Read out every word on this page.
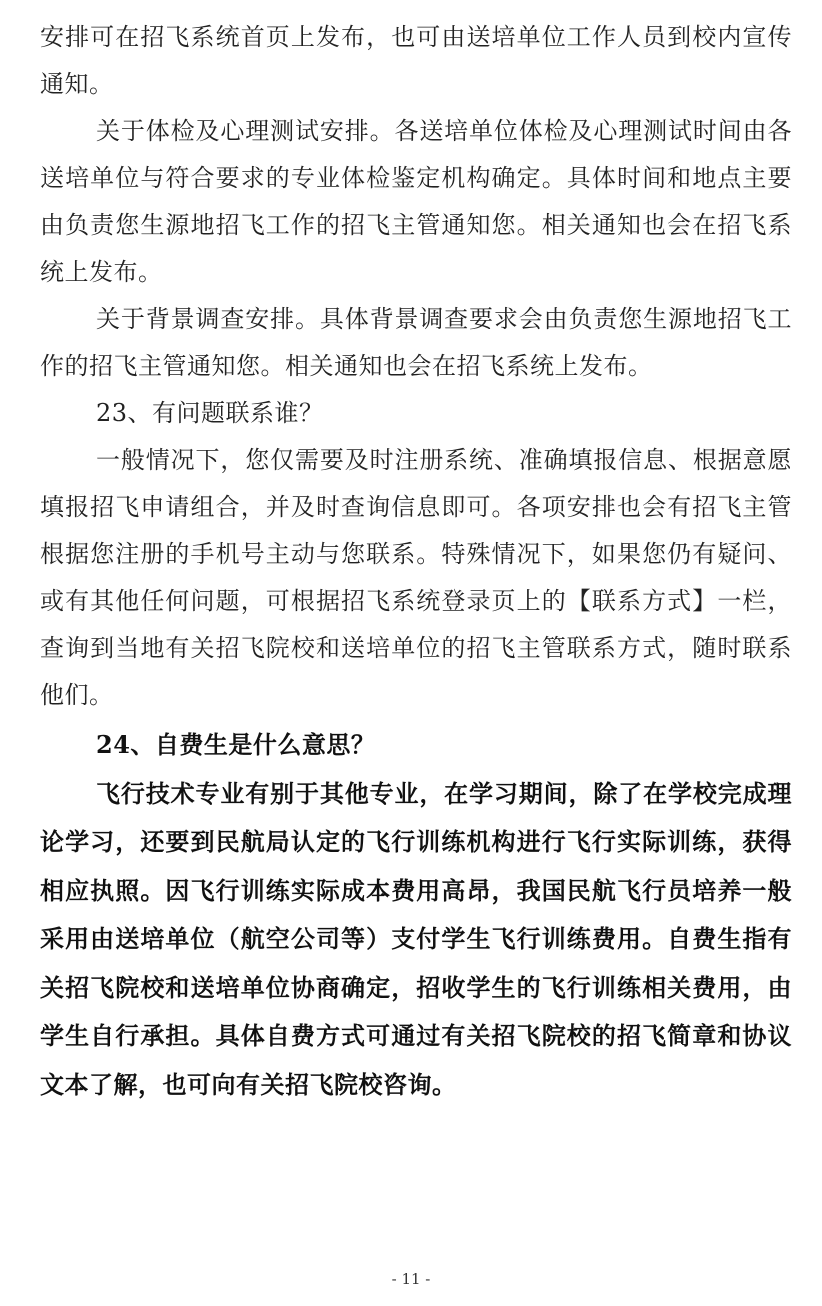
安排可在招飞系统首页上发布，也可由送培单位工作人员到校内宣传通知。

关于体检及心理测试安排。各送培单位体检及心理测试时间由各送培单位与符合要求的专业体检鉴定机构确定。具体时间和地点主要由负责您生源地招飞工作的招飞主管通知您。相关通知也会在招飞系统上发布。

关于背景调查安排。具体背景调查要求会由负责您生源地招飞工作的招飞主管通知您。相关通知也会在招飞系统上发布。

23、有问题联系谁？

一般情况下，您仅需要及时注册系统、准确填报信息、根据意愿填报招飞申请组合，并及时查询信息即可。各项安排也会有招飞主管根据您注册的手机号主动与您联系。特殊情况下，如果您仍有疑问、或有其他任何问题，可根据招飞系统登录页上的【联系方式】一栏，查询到当地有关招飞院校和送培单位的招飞主管联系方式，随时联系他们。

24、自费生是什么意思？

飞行技术专业有别于其他专业，在学习期间，除了在学校完成理论学习，还要到民航局认定的飞行训练机构进行飞行实际训练，获得相应执照。因飞行训练实际成本费用高昂，我国民航飞行员培养一般采用由送培单位（航空公司等）支付学生飞行训练费用。自费生指有关招飞院校和送培单位协商确定，招收学生的飞行训练相关费用，由学生自行承担。具体自费方式可通过有关招飞院校的招飞简章和协议文本了解，也可向有关招飞院校咨询。

- 11 -
